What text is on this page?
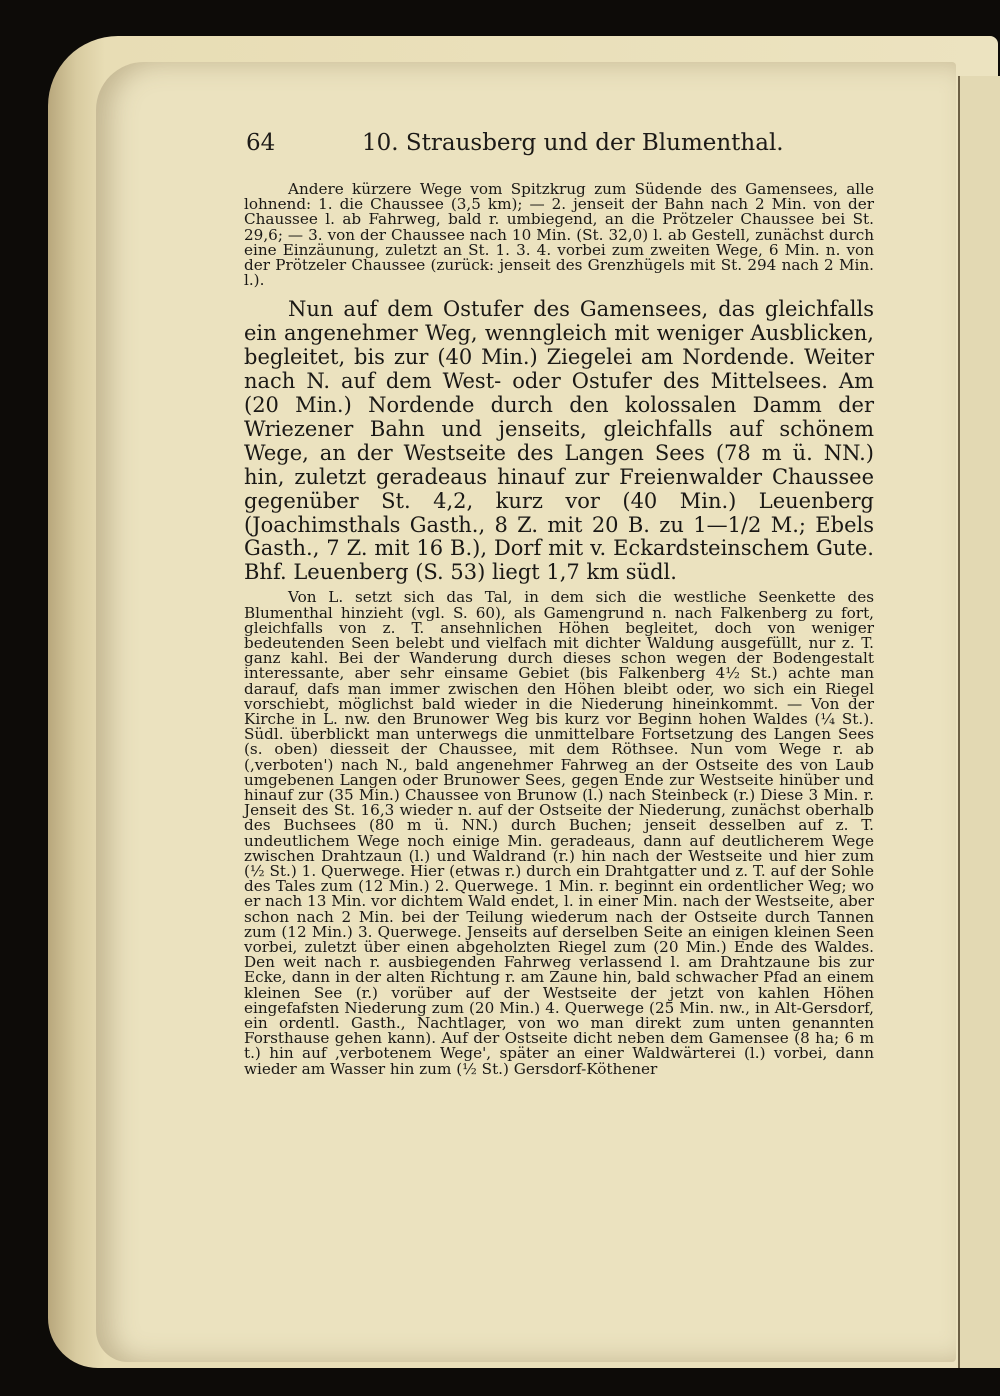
64	10. Strausberg und der Blumenthal.

Andere kürzere Wege vom Spitzkrug zum Südende des Gamensees, alle lohnend: 1. die Chaussee (3,5 km); — 2. jenseit der Bahn nach 2 Min. von der Chaussee l. ab Fahrweg, bald r. umbiegend, an die Prötzeler Chaussee bei St. 29,6; — 3. von der Chaussee nach 10 Min. (St. 32,0) l. ab Gestell, zunächst durch eine Einzäunung, zuletzt an St. 1. 3. 4. vorbei zum zweiten Wege, 6 Min. n. von der Prötzeler Chaussee (zurück: jenseit des Grenzhügels mit St. 294 nach 2 Min. l.).

Nun auf dem Ostufer des Gamensees, das gleichfalls ein angenehmer Weg, wenngleich mit weniger Ausblicken, begleitet, bis zur (40 Min.) Ziegelei am Nordende. Weiter nach N. auf dem West- oder Ostufer des Mittelsees. Am (20 Min.) Nordende durch den kolossalen Damm der Wriezener Bahn und jenseits, gleichfalls auf schönem Wege, an der Westseite des Langen Sees (78 m ü. NN.) hin, zuletzt geradeaus hinauf zur Freienwalder Chaussee gegenüber St. 4,2, kurz vor (40 Min.) Leuenberg (Joachimsthals Gasth., 8 Z. mit 20 B. zu 1—1/2 M.; Ebels Gasth., 7 Z. mit 16 B.), Dorf mit v. Eckardsteinschem Gute. Bhf. Leuenberg (S. 53) liegt 1,7 km südl.

Von L. setzt sich das Tal, in dem sich die westliche Seenkette des Blumenthal hinzieht (vgl. S. 60), als Gamengrund n. nach Falkenberg zu fort, gleichfalls von z. T. ansehnlichen Höhen begleitet, doch von weniger bedeutenden Seen belebt und vielfach mit dichter Waldung ausgefüllt, nur z. T. ganz kahl. Bei der Wanderung durch dieses schon wegen der Bodengestalt interessante, aber sehr einsame Gebiet (bis Falkenberg 4½ St.) achte man darauf, dafs man immer zwischen den Höhen bleibt oder, wo sich ein Riegel vorschiebt, möglichst bald wieder in die Niederung hineinkommt. — Von der Kirche in L. nw. den Brunower Weg bis kurz vor Beginn hohen Waldes (¼ St.). Südl. überblickt man unterwegs die unmittelbare Fortsetzung des Langen Sees (s. oben) diesseit der Chaussee, mit dem Röthsee. Nun vom Wege r. ab (‚verboten') nach N., bald angenehmer Fahrweg an der Ostseite des von Laub umgebenen Langen oder Brunower Sees, gegen Ende zur Westseite hinüber und hinauf zur (35 Min.) Chaussee von Brunow (l.) nach Steinbeck (r.) Diese 3 Min. r. Jenseit des St. 16,3 wieder n. auf der Ostseite der Niederung, zunächst oberhalb des Buchsees (80 m ü. NN.) durch Buchen; jenseit desselben auf z. T. undeutlichem Wege noch einige Min. geradeaus, dann auf deutlicherem Wege zwischen Drahtzaun (l.) und Waldrand (r.) hin nach der Westseite und hier zum (½ St.) 1. Querwege. Hier (etwas r.) durch ein Drahtgatter und z. T. auf der Sohle des Tales zum (12 Min.) 2. Querwege. 1 Min. r. beginnt ein ordentlicher Weg; wo er nach 13 Min. vor dichtem Wald endet, l. in einer Min. nach der Westseite, aber schon nach 2 Min. bei der Teilung wiederum nach der Ostseite durch Tannen zum (12 Min.) 3. Querwege. Jenseits auf derselben Seite an einigen kleinen Seen vorbei, zuletzt über einen abgeholzten Riegel zum (20 Min.) Ende des Waldes. Den weit nach r. ausbiegenden Fahrweg verlassend l. am Drahtzaune bis zur Ecke, dann in der alten Richtung r. am Zaune hin, bald schwacher Pfad an einem kleinen See (r.) vorüber auf der Westseite der jetzt von kahlen Höhen eingefafsten Niederung zum (20 Min.) 4. Querwege (25 Min. nw., in Alt-Gersdorf, ein ordentl. Gasth., Nachtlager, von wo man direkt zum unten genannten Forsthause gehen kann). Auf der Ostseite dicht neben dem Gamensee (8 ha; 6 m t.) hin auf ‚verbotenem Wege', später an einer Waldwärterei (l.) vorbei, dann wieder am Wasser hin zum (½ St.) Gersdorf-Köthener
